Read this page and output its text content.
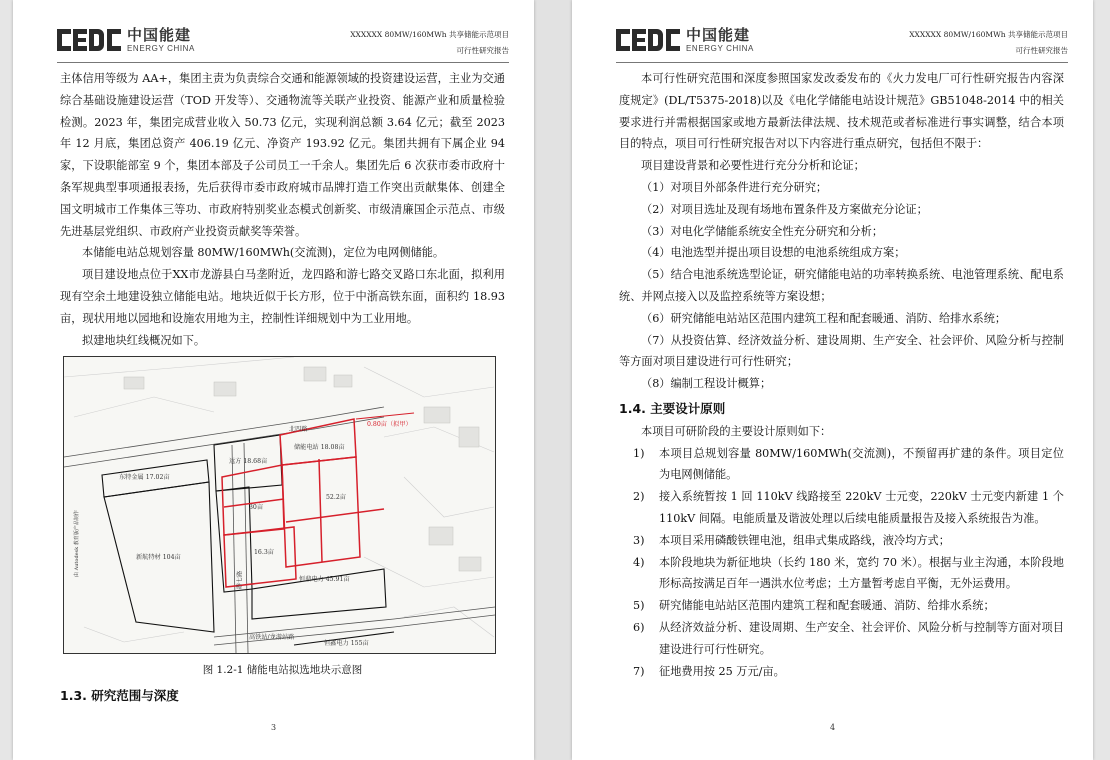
中国能建
ENERGY CHINA
XXXXXX 80MW/160MWh 共享储能示范项目
可行性研究报告

主体信用等级为 AA+，集团主责为负责综合交通和能源领域的投资建设运营，主业为交通综合基础设施建设运营（TOD 开发等）、交通物流等关联产业投资、能源产业和质量检验检测。2023 年，集团完成营业收入 50.73 亿元，实现利润总额 3.64 亿元；截至 2023 年 12 月底，集团总资产 406.19 亿元、净资产 193.92 亿元。集团共拥有下属企业 94 家，下设职能部室 9 个，集团本部及子公司员工一千余人。集团先后 6 次获市委市政府十条军规典型事项通报表扬，先后获得市委市政府城市品牌打造工作突出贡献集体、创建全国文明城市工作集体三等功、市政府特别奖业态模式创新奖、市级清廉国企示范点、市级先进基层党组织、市政府产业投资贡献奖等荣誉。

本储能电站总规划容量 80MW/160MWh(交流测)，定位为电网侧储能。

项目建设地点位于XX市龙游县白马垄附近，龙四路和游七路交叉路口东北面，拟利用现有空余土地建设独立储能电站。地块近似于长方形，位于中浙高铁东面，面积约 18.93 亩，现状用地以园地和设施农用地为主，控制性详细规划中为工业用地。

拟建地块红线概况如下。

北四路
储能电站 18.08亩
0.80亩（拟甲）
远方 18.68亩
东特金属 17.02亩
新航特材 104亩
30亩
52.2亩
16.3亩
恒鼎电力 45.91亩
恒鑫电力 155亩
游七路
高铁站/龙游站路
由 Autodesk 教育版产品制作
图 1.2-1 储能电站拟选地块示意图

1.3. 研究范围与深度

3
中国能建
ENERGY CHINA
XXXXXX 80MW/160MWh 共享储能示范项目
可行性研究报告

本可行性研究范围和深度参照国家发改委发布的《火力发电厂可行性研究报告内容深度规定》(DL/T5375-2018)以及《电化学储能电站设计规范》GB51048-2014 中的相关要求进行并需根据国家或地方最新法律法规、技术规范或者标准进行事实调整，结合本项目的特点，项目可行性研究报告对以下内容进行重点研究，包括但不限于：

项目建设背景和必要性进行充分分析和论证；

（1）对项目外部条件进行充分研究；

（2）对项目选址及现有场地布置条件及方案做充分论证；

（3）对电化学储能系统安全性充分研究和分析；

（4）电池选型并提出项目设想的电池系统组成方案；

（5）结合电池系统选型论证，研究储能电站的功率转换系统、电池管理系统、配电系统、并网点接入以及监控系统等方案设想；

（6）研究储能电站站区范围内建筑工程和配套暖通、消防、给排水系统；

（7）从投资估算、经济效益分析、建设周期、生产安全、社会评价、风险分析与控制等方面对项目建设进行可行性研究；

（8）编制工程设计概算；

1.4. 主要设计原则

本项目可研阶段的主要设计原则如下：

1) 本项目总规划容量 80MW/160MWh(交流测)，不预留再扩建的条件。项目定位为电网侧储能。
2) 接入系统暂按 1 回 110kV 线路接至 220kV 士元变，220kV 士元变内新建 1 个 110kV 间隔。电能质量及谐波处理以后续电能质量报告及接入系统报告为准。
3) 本项目采用磷酸铁锂电池，组串式集成路线，液冷均方式；
4) 本阶段地块为新征地块（长约 180 米，宽约 70 米）。根据与业主沟通，本阶段地形标高按满足百年一遇洪水位考虑；土方量暂考虑自平衡，无外运费用。
5) 研究储能电站站区范围内建筑工程和配套暖通、消防、给排水系统；
6) 从经济效益分析、建设周期、生产安全、社会评价、风险分析与控制等方面对项目建设进行可行性研究。
7) 征地费用按 25 万元/亩。
4
